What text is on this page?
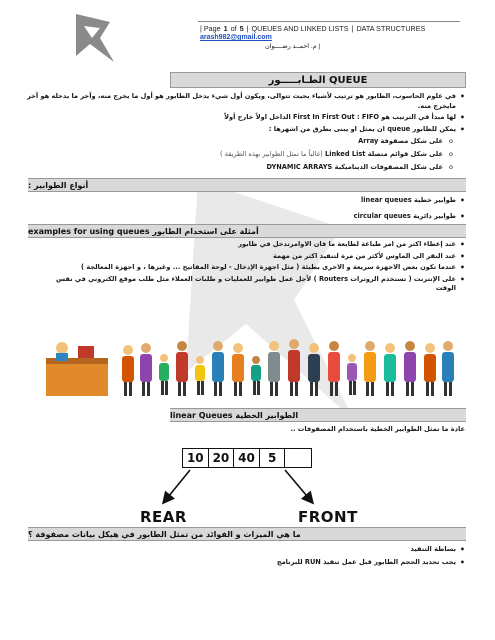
| Page 1 of 5 | QUEUES AND LINKED LISTS | DATA STRUCTURES
arash982@gmail.com
م. احمــد رضــــوان |
الطـابـــــور QUEUE
• في علوم الحاسوب، الطابور هو ترتيب لأشياء بحيث تتوالى، ويكون أول شيء يدخل الطابور هو أول ما يخرج منه، وآخر ما يدخله هو آخر مايخرج منه.
• لها مبدأ في الترتيب هو First In First Out : FIFO الداخل اولاً خارج أولاً
• يمكن للطابور queue ان يمثل او يبنى بطرق من اشهرها :
o على شكل مصفوفة Array
o على شكل قوائم متصلة Linked List (غالباً ما تمثل الطوابير بهذه الطريقة )
o على شكل المصفوفات الديناميكية DYNAMIC ARRAYS
أنواع الطوابير :
• طوابير خطية linear queues
• طوابير دائرية circular queues
أمثلة على استخدام الطابور examples for using queues
• عند إعطاء اكثر من امر طباعة لطابعة ما فان الاوامرتدخل في طابور
• عند النقر الى الماوس لأكثر من مرة لتنفيذ اكثر من مهمة
• عندما تكون بعض الاجهزة سريعة و الاخرى بطيئة ( مثل اجهزة الإدخال - لوحة المفاتيح ... وغيرها ، و اجهزة المعالجة )
• على الإنترنت ( تستخدم الروترات Routers ) لأجل عمل طوابير للعمليات و طلبات العملاء مثل طلب موقع الكتروني في نفس الوقت
الطوابير الخطية linear Queues
عادة ما تمثل الطوابير الخطية باستخدام المصفوفات ..
10 20 40	5
REAR	FRONT
ما هي الميزات و الفوائد من تمثل الطابور في هيكل بيانات مصفوفة ؟
• بساطة التنفيذ
• يجب تحديد الحجم الطابور قبل عمل تنفيذ RUN للبرنامج
